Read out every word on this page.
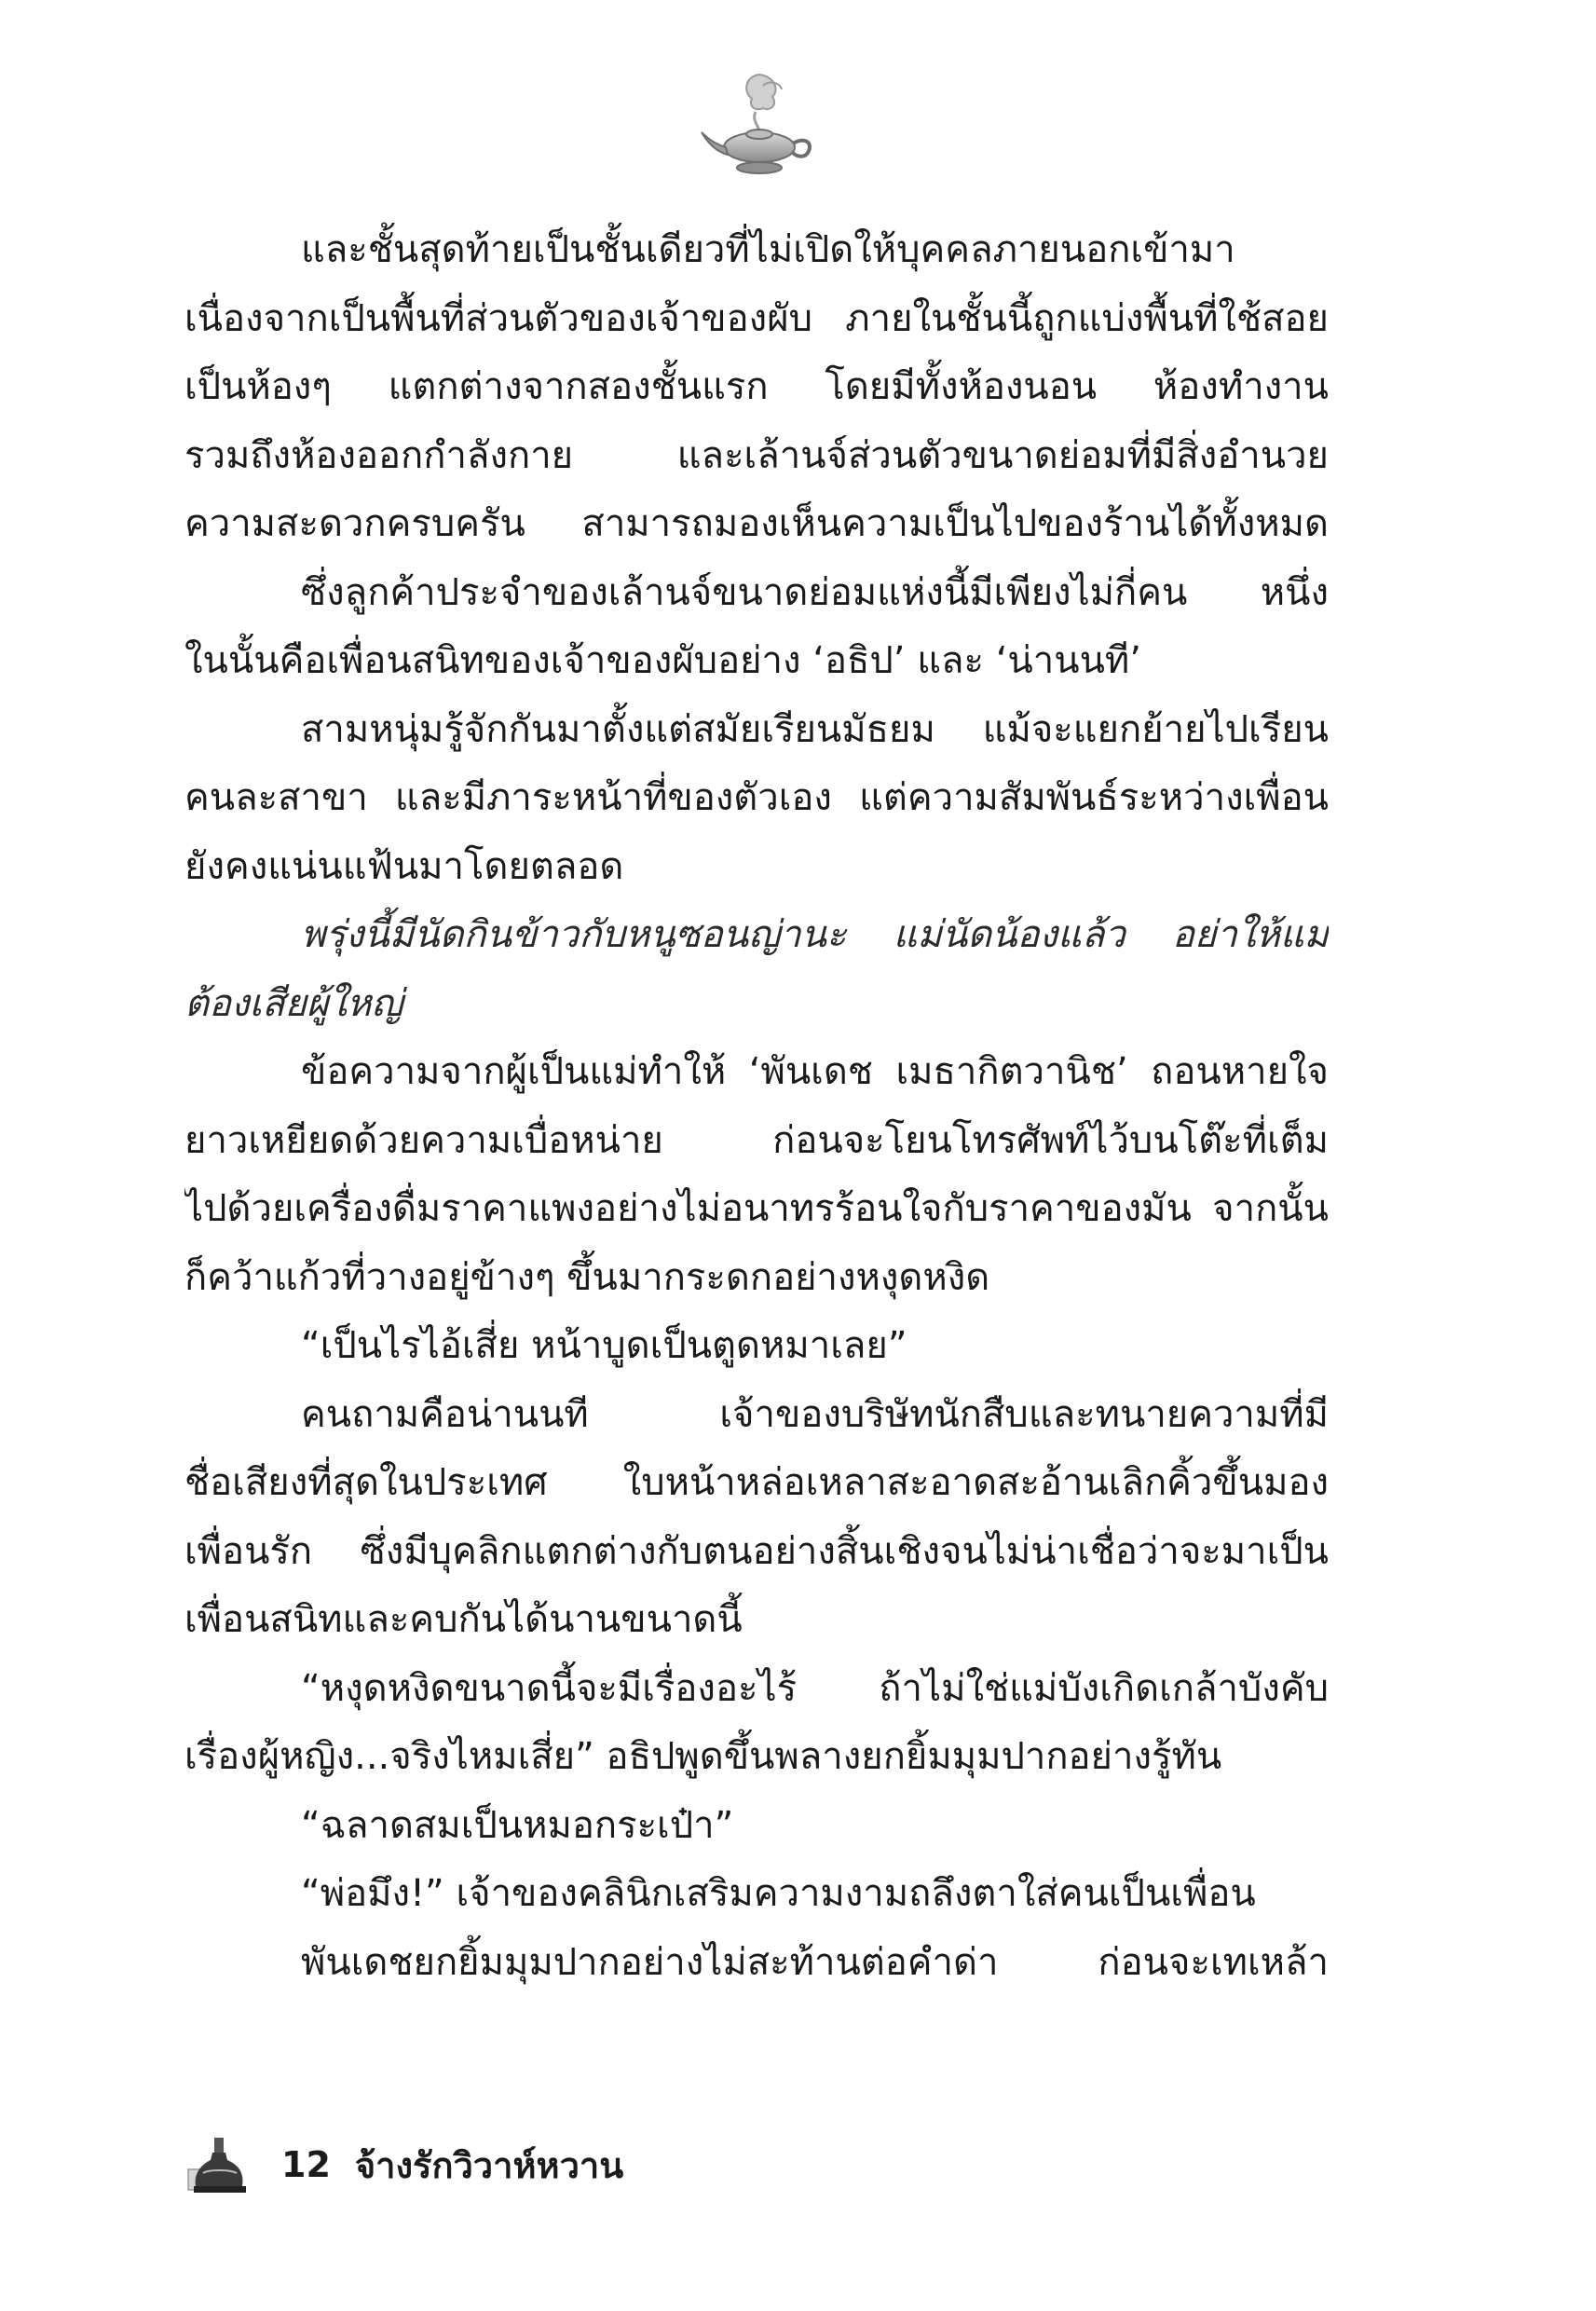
และชั้นสุดท้ายเป็นชั้นเดียวที่ไม่เปิดให้บุคคลภายนอกเข้ามา
เนื่องจากเป็นพื้นที่ส่วนตัวของเจ้าของผับ ภายในชั้นนี้ถูกแบ่งพื้นที่ใช้สอย
เป็นห้องๆ แตกต่างจากสองชั้นแรก โดยมีทั้งห้องนอน ห้องทำงาน
รวมถึงห้องออกกำลังกาย และเล้านจ์ส่วนตัวขนาดย่อมที่มีสิ่งอำนวย
ความสะดวกครบครัน สามารถมองเห็นความเป็นไปของร้านได้ทั้งหมด
ซึ่งลูกค้าประจำของเล้านจ์ขนาดย่อมแห่งนี้มีเพียงไม่กี่คน หนึ่ง
ในนั้นคือเพื่อนสนิทของเจ้าของผับอย่าง ‘อธิป’ และ ‘น่านนที’
สามหนุ่มรู้จักกันมาตั้งแต่สมัยเรียนมัธยม แม้จะแยกย้ายไปเรียน
คนละสาขา และมีภาระหน้าที่ของตัวเอง แต่ความสัมพันธ์ระหว่างเพื่อน
ยังคงแน่นแฟ้นมาโดยตลอด
พรุ่งนี้มีนัดกินข้าวกับหนูซอนญ่านะ แม่นัดน้องแล้ว อย่าให้แม่
ต้องเสียผู้ใหญ่
ข้อความจากผู้เป็นแม่ทำให้ ‘พันเดช เมธากิตวานิช’ ถอนหายใจ
ยาวเหยียดด้วยความเบื่อหน่าย ก่อนจะโยนโทรศัพท์ไว้บนโต๊ะที่เต็ม
ไปด้วยเครื่องดื่มราคาแพงอย่างไม่อนาทรร้อนใจกับราคาของมัน จากนั้น
ก็คว้าแก้วที่วางอยู่ข้างๆ ขึ้นมากระดกอย่างหงุดหงิด
“เป็นไรไอ้เสี่ย หน้าบูดเป็นตูดหมาเลย”
คนถามคือน่านนที เจ้าของบริษัทนักสืบและทนายความที่มี
ชื่อเสียงที่สุดในประเทศ ใบหน้าหล่อเหลาสะอาดสะอ้านเลิกคิ้วขึ้นมอง
เพื่อนรัก ซึ่งมีบุคลิกแตกต่างกับตนอย่างสิ้นเชิงจนไม่น่าเชื่อว่าจะมาเป็น
เพื่อนสนิทและคบกันได้นานขนาดนี้
“หงุดหงิดขนาดนี้จะมีเรื่องอะไร้ ถ้าไม่ใช่แม่บังเกิดเกล้าบังคับ
เรื่องผู้หญิง...จริงไหมเสี่ย” อธิปพูดขึ้นพลางยกยิ้มมุมปากอย่างรู้ทัน
“ฉลาดสมเป็นหมอกระเป๋า”
“พ่อมึง!” เจ้าของคลินิกเสริมความงามถลึงตาใส่คนเป็นเพื่อน
พันเดชยกยิ้มมุมปากอย่างไม่สะท้านต่อคำด่า ก่อนจะเทเหล้า
12 จ้างรักวิวาห์หวาน
